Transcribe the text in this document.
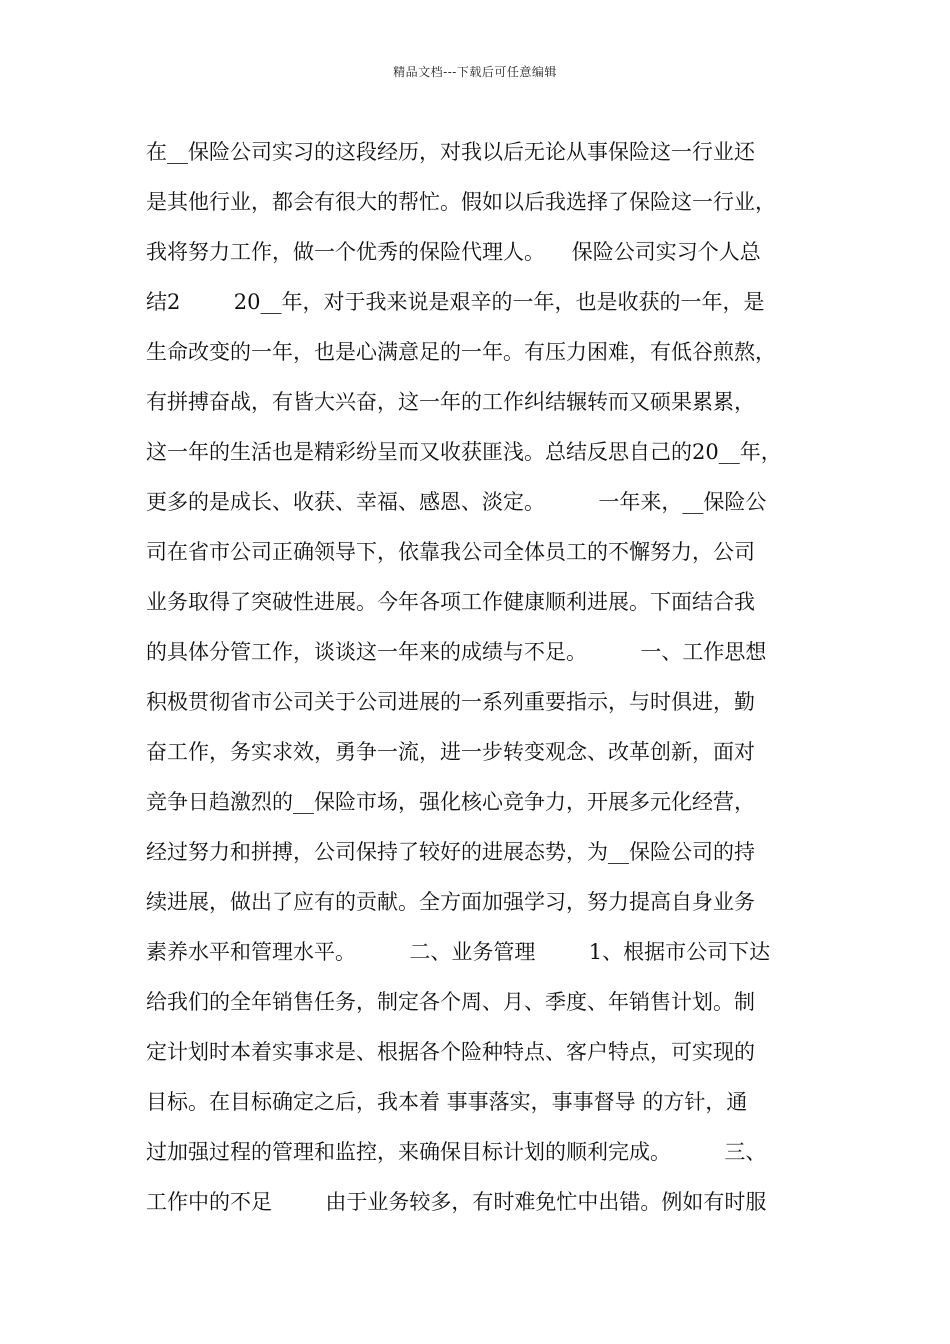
精品文档---下载后可任意编辑
在__保险公司实习的这段经历，对我以后无论从事保险这一行业还
是其他行业，都会有很大的帮忙。假如以后我选择了保险这一行业，
我将努力工作，做一个优秀的保险代理人。    保险公司实习个人总
结2        20__年，对于我来说是艰辛的一年，也是收获的一年，是
生命改变的一年，也是心满意足的一年。有压力困难，有低谷煎熬，
有拼搏奋战，有皆大兴奋，这一年的工作纠结辗转而又硕果累累，
这一年的生活也是精彩纷呈而又收获匪浅。总结反思自己的20__年，
更多的是成长、收获、幸福、感恩、淡定。        一年来，__保险公
司在省市公司正确领导下，依靠我公司全体员工的不懈努力，公司
业务取得了突破性进展。今年各项工作健康顺利进展。下面结合我
的具体分管工作，谈谈这一年来的成绩与不足。        一、工作思想
积极贯彻省市公司关于公司进展的一系列重要指示，与时俱进，勤
奋工作，务实求效，勇争一流，进一步转变观念、改革创新，面对
竞争日趋激烈的__保险市场，强化核心竞争力，开展多元化经营，
经过努力和拼搏，公司保持了较好的进展态势，为__保险公司的持
续进展，做出了应有的贡献。全方面加强学习，努力提高自身业务
素养水平和管理水平。        二、业务管理        1、根据市公司下达
给我们的全年销售任务，制定各个周、月、季度、年销售计划。制
定计划时本着实事求是、根据各个险种特点、客户特点，可实现的
目标。在目标确定之后，我本着 事事落实，事事督导 的方针，通
过加强过程的管理和监控，来确保目标计划的顺利完成。        三、
工作中的不足        由于业务较多，有时难免忙中出错。例如有时服
